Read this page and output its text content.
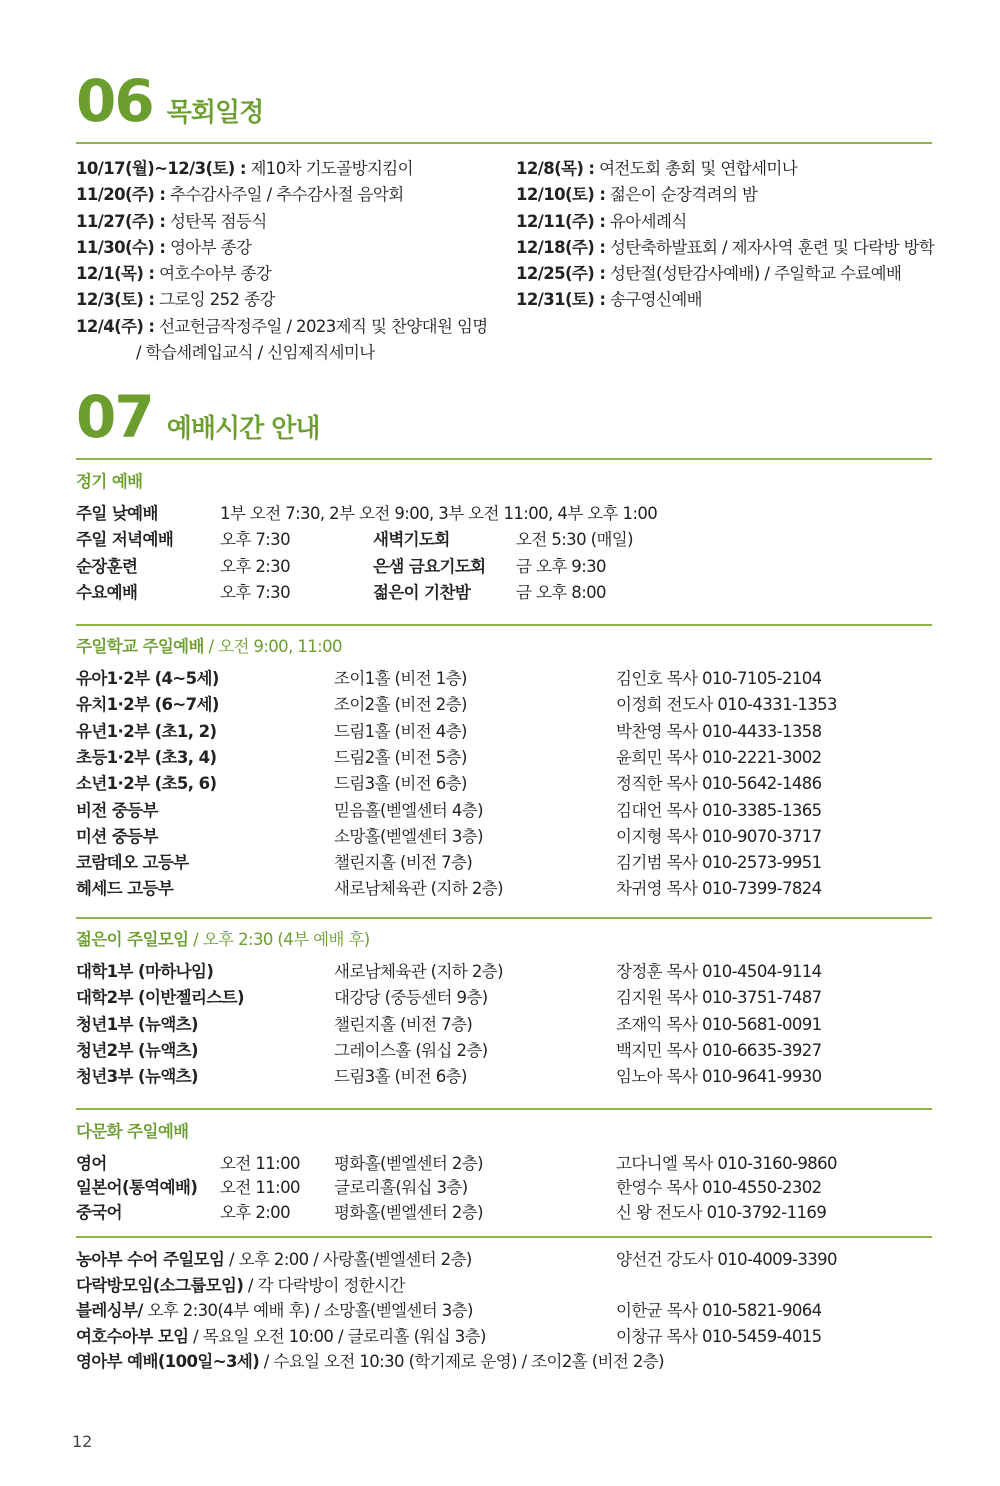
06 목회일정
10/17(월)~12/3(토) : 제10차 기도골방지킴이
11/20(주) : 추수감사주일 / 추수감사절 음악회
11/27(주) : 성탄목 점등식
11/30(수) : 영아부 종강
12/1(목) : 여호수아부 종강
12/3(토) : 그로잉 252 종강
12/4(주) : 선교헌금작정주일 / 2023제직 및 찬양대원 임명
/ 학습세례입교식 / 신임제직세미나
12/8(목) : 여전도회 총회 및 연합세미나
12/10(토) : 젊은이 순장격려의 밤
12/11(주) : 유아세례식
12/18(주) : 성탄축하발표회 / 제자사역 훈련 및 다락방 방학
12/25(주) : 성탄절(성탄감사예배) / 주일학교 수료예배
12/31(토) : 송구영신예배
07 예배시간 안내
정기 예배
주일 낮예배	1부 오전 7:30, 2부 오전 9:00, 3부 오전 11:00, 4부 오후 1:00
주일 저녁예배	오후 7:30	새벽기도회	오전 5:30 (매일)
순장훈련	오후 2:30	은샘 금요기도회 금 오후 9:30
수요예배	오후 7:30	젊은이 기찬밤	금 오후 8:00
주일학교 주일예배 / 오전 9:00, 11:00
유아1·2부 (4~5세)	조이1홀 (비전 1층)	김인호 목사 010-7105-2104
유치1·2부 (6~7세)	조이2홀 (비전 2층)	이정희 전도사 010-4331-1353
유년1·2부 (초1, 2)	드림1홀 (비전 4층)	박찬영 목사 010-4433-1358
초등1·2부 (초3, 4)	드림2홀 (비전 5층)	윤희민 목사 010-2221-3002
소년1·2부 (초5, 6)	드림3홀 (비전 6층)	정직한 목사 010-5642-1486
비전 중등부	믿음홀(벧엘센터 4층)	김대언 목사 010-3385-1365
미션 중등부	소망홀(벧엘센터 3층)	이지형 목사 010-9070-3717
코람데오 고등부	챌린지홀 (비전 7층)	김기범 목사 010-2573-9951
헤세드 고등부	새로남체육관 (지하 2층)	차귀영 목사 010-7399-7824
젊은이 주일모임 / 오후 2:30 (4부 예배 후)
대학1부 (마하나임)	새로남체육관 (지하 2층)	장정훈 목사 010-4504-9114
대학2부 (이반젤리스트)	대강당 (중등센터 9층)	김지원 목사 010-3751-7487
청년1부 (뉴액츠)	챌린지홀 (비전 7층)	조재익 목사 010-5681-0091
청년2부 (뉴액츠)	그레이스홀 (워십 2층)	백지민 목사 010-6635-3927
청년3부 (뉴액츠)	드림3홀 (비전 6층)	임노아 목사 010-9641-9930
다문화 주일예배
영어	오전 11:00 평화홀(벧엘센터 2층)	고다니엘 목사 010-3160-9860
일본어(통역예배) 오전 11:00 글로리홀(워십 3층)	한영수 목사 010-4550-2302
중국어	오후 2:00	평화홀(벧엘센터 2층)	신 왕 전도사 010-3792-1169
농아부 수어 주일모임 / 오후 2:00 / 사랑홀(벧엘센터 2층)	양선건 강도사 010-4009-3390
다락방모임(소그룹모임) / 각 다락방이 정한시간
블레싱부/ 오후 2:30(4부 예배 후) / 소망홀(벧엘센터 3층)	이한균 목사 010-5821-9064
여호수아부 모임 / 목요일 오전 10:00 / 글로리홀 (워십 3층)	이창규 목사 010-5459-4015
영아부 예배(100일~3세) / 수요일 오전 10:30 (학기제로 운영) / 조이2홀 (비전 2층)
12
